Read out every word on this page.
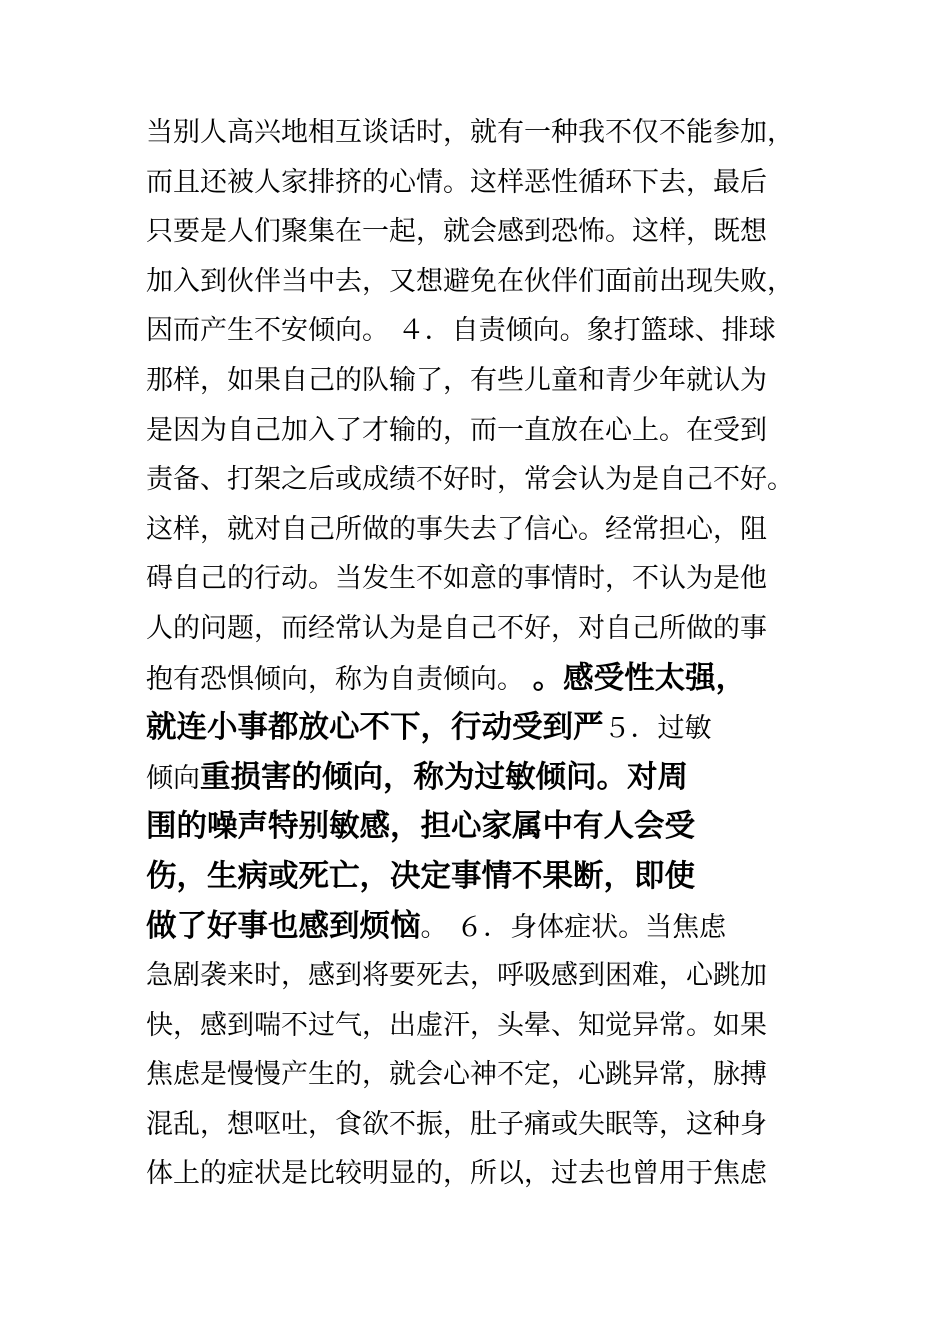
当别人高兴地相互谈话时，就有一种我不仅不能参加，
而且还被人家排挤的心情。这样恶性循环下去，最后
只要是人们聚集在一起，就会感到恐怖。这样，既想
加入到伙伴当中去，又想避免在伙伴们面前出现失败，
因而产生不安倾向。 ４．自责倾向。象打篮球、排球
那样，如果自己的队输了，有些儿童和青少年就认为
是因为自己加入了才输的，而一直放在心上。在受到
责备、打架之后或成绩不好时，常会认为是自己不好。
这样，就对自己所做的事失去了信心。经常担心，阻
碍自己的行动。当发生不如意的事情时，不认为是他
人的问题，而经常认为是自己不好，对自己所做的事
抱有恐惧倾向，称为自责倾向。 。感受性太强，
就连小事都放心不下，行动受到严５．过敏
倾向重损害的倾向，称为过敏倾问。对周
围的噪声特别敏感，担心家属中有人会受
伤，生病或死亡，决定事情不果断，即使
做了好事也感到烦恼。 ６．身体症状。当焦虑
急剧袭来时，感到将要死去，呼吸感到困难，心跳加
快，感到喘不过气，出虚汗，头晕、知觉异常。如果
焦虑是慢慢产生的，就会心神不定，心跳异常，脉搏
混乱，想呕吐，食欲不振，肚子痛或失眠等，这种身
体上的症状是比较明显的，所以，过去也曾用于焦虑
